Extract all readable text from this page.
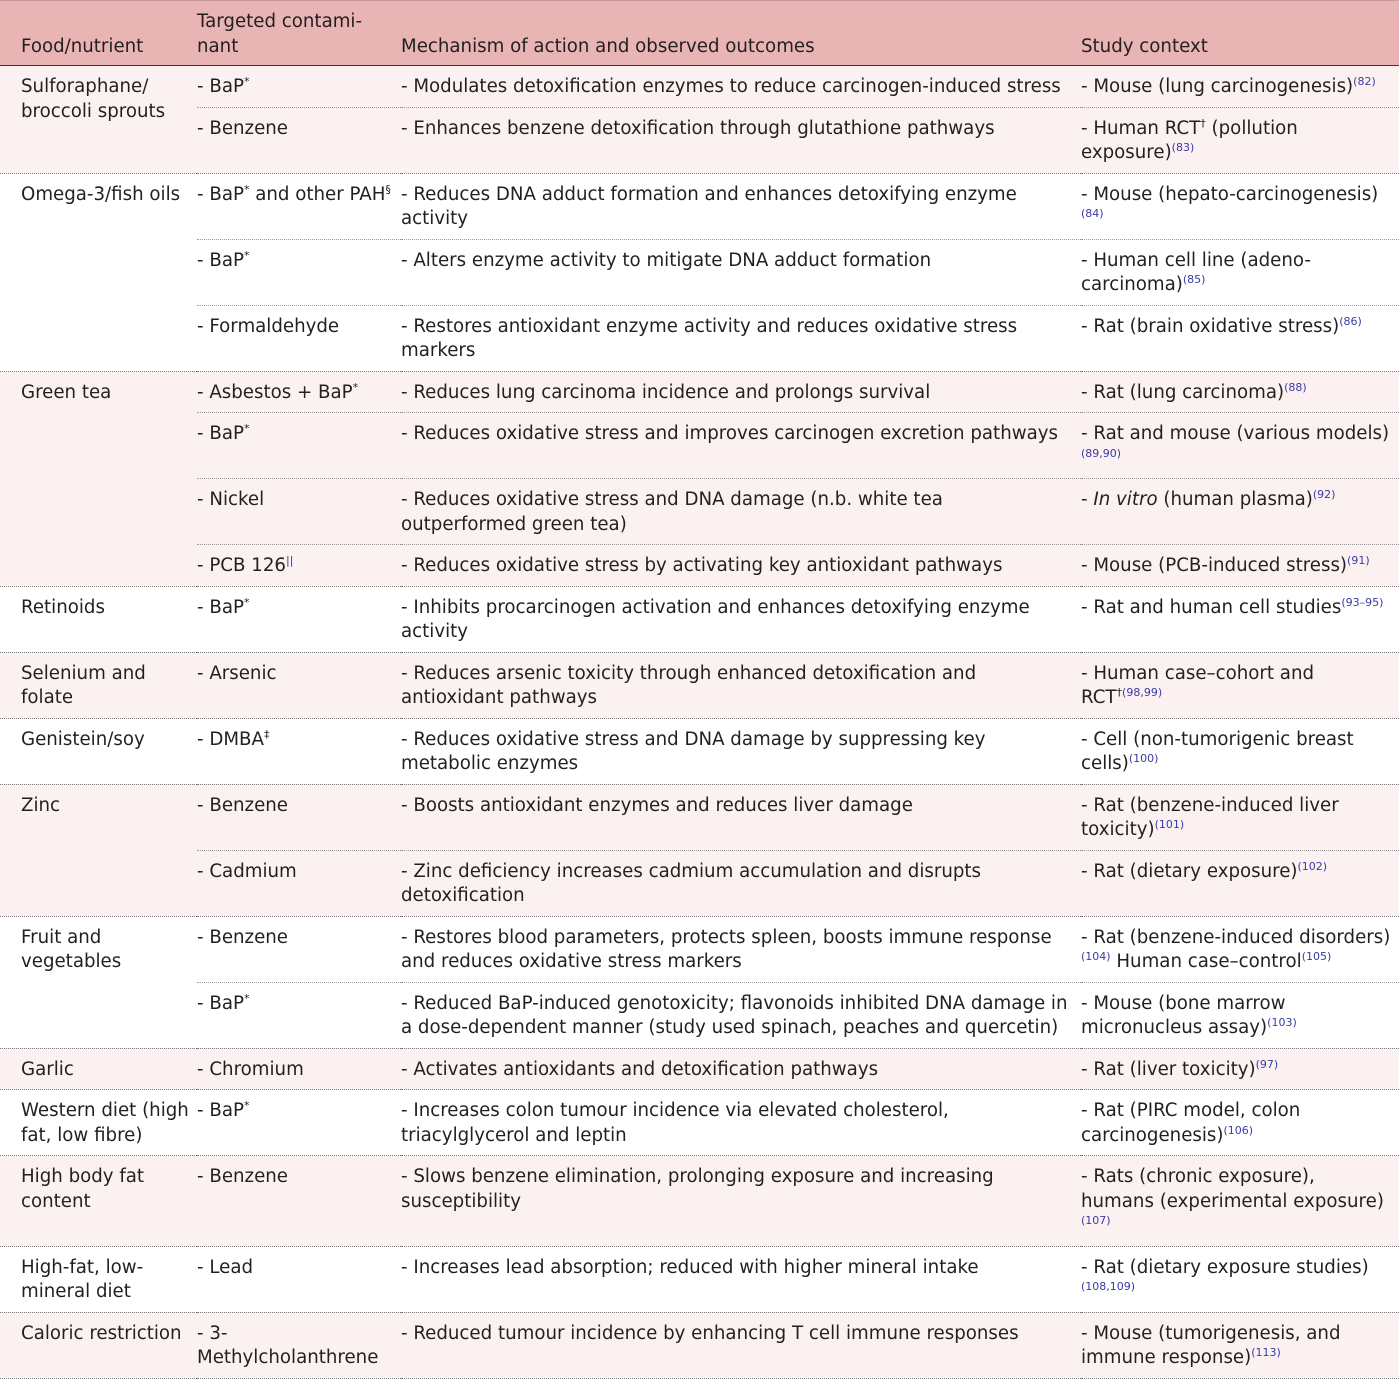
Food/nutrient	Targeted contami-nant	Mechanism of action and observed outcomes	Study context
Sulforaphane/ broccoli sprouts	- BaP*	- Modulates detoxification enzymes to reduce carcinogen-induced stress	- Mouse (lung carcinogenesis)$^{(82)}$
	- Benzene	- Enhances benzene detoxification through glutathione pathways	- Human RCT† (pollution exposure)$^{(83)}$
Omega-3/fish oils	- BaP* and other PAH§	- Reduces DNA adduct formation and enhances detoxifying enzyme activity	- Mouse (hepato-carcinogenesis)$^{(84)}$
	- BaP*	- Alters enzyme activity to mitigate DNA adduct formation	- Human cell line (adeno-carcinoma)$^{(85)}$
	- Formaldehyde	- Restores antioxidant enzyme activity and reduces oxidative stress markers	- Rat (brain oxidative stress)$^{(86)}$
Green tea	- Asbestos + BaP*	- Reduces lung carcinoma incidence and prolongs survival	- Rat (lung carcinoma)$^{(88)}$
	- BaP*	- Reduces oxidative stress and improves carcinogen excretion pathways	- Rat and mouse (various models)$^{(89,90)}$
	- Nickel	- Reduces oxidative stress and DNA damage (n.b. white tea outperformed green tea)	- In vitro (human plasma)$^{(92)}$
	- PCB 126||	- Reduces oxidative stress by activating key antioxidant pathways	- Mouse (PCB-induced stress)$^{(91)}$
Retinoids	- BaP*	- Inhibits procarcinogen activation and enhances detoxifying enzyme activity	- Rat and human cell studies$^{(93-95)}$
Selenium and folate	- Arsenic	- Reduces arsenic toxicity through enhanced detoxification and antioxidant pathways	- Human case–cohort and RCT$^{\dagger(98,99)}$
Genistein/soy	- DMBA‡	- Reduces oxidative stress and DNA damage by suppressing key metabolic enzymes	- Cell (non-tumorigenic breast cells)$^{(100)}$
Zinc	- Benzene	- Boosts antioxidant enzymes and reduces liver damage	- Rat (benzene-induced liver toxicity)$^{(101)}$
	- Cadmium	- Zinc deficiency increases cadmium accumulation and disrupts detoxification	- Rat (dietary exposure)$^{(102)}$
Fruit and vegetables	- Benzene	- Restores blood parameters, protects spleen, boosts immune response and reduces oxidative stress markers	- Rat (benzene-induced disorders)$^{(104)}$ Human case–control$^{(105)}$
	- BaP*	- Reduced BaP-induced genotoxicity; flavonoids inhibited DNA damage in a dose-dependent manner (study used spinach, peaches and quercetin)	- Mouse (bone marrow micronucleus assay)$^{(103)}$
Garlic	- Chromium	- Activates antioxidants and detoxification pathways	- Rat (liver toxicity)$^{(97)}$
Western diet (high fat, low fibre)	- BaP*	- Increases colon tumour incidence via elevated cholesterol, triacylglycerol and leptin	- Rat (PIRC model, colon carcinogenesis)$^{(106)}$
High body fat content	- Benzene	- Slows benzene elimination, prolonging exposure and increasing susceptibility	- Rats (chronic exposure), humans (experimental exposure)$^{(107)}$
High-fat, low-mineral diet	- Lead	- Increases lead absorption; reduced with higher mineral intake	- Rat (dietary exposure studies)$^{(108,109)}$
Caloric restriction	- 3-Methylcholanthrene	- Reduced tumour incidence by enhancing T cell immune responses	- Mouse (tumorigenesis, and immune response)$^{(113)}$
